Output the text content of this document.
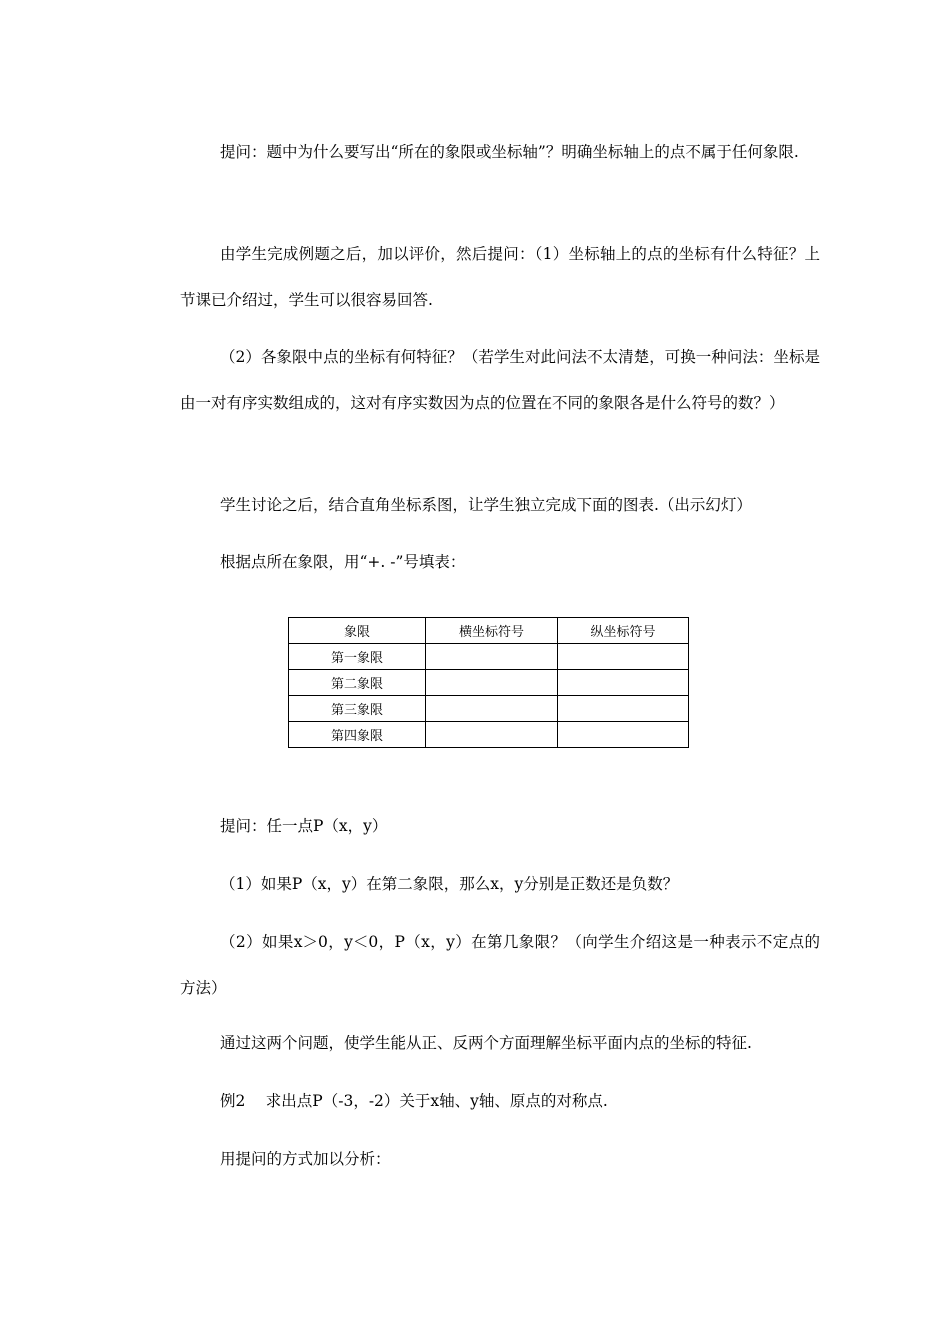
提问：题中为什么要写出“所在的象限或坐标轴”？明确坐标轴上的点不属于任何象限.

由学生完成例题之后，加以评价，然后提问：（1）坐标轴上的点的坐标有什么特征？上节课已介绍过，学生可以很容易回答.

（2）各象限中点的坐标有何特征？（若学生对此问法不太清楚，可换一种问法：坐标是由一对有序实数组成的，这对有序实数因为点的位置在不同的象限各是什么符号的数？）

学生讨论之后，结合直角坐标系图，让学生独立完成下面的图表.（出示幻灯）

根据点所在象限，用“+. -”号填表：

象限	横坐标符号	纵坐标符号
第一象限		
第二象限		
第三象限		
第四象限		

提问：任一点P（x，y）

（1）如果P（x，y）在第二象限，那么x，y分别是正数还是负数？

（2）如果x＞0，y＜0，P（x，y）在第几象限？（向学生介绍这是一种表示不定点的方法）

通过这两个问题，使学生能从正、反两个方面理解坐标平面内点的坐标的特征.

例2　 求出点P（-3，-2）关于x轴、y轴、原点的对称点.

用提问的方式加以分析：
